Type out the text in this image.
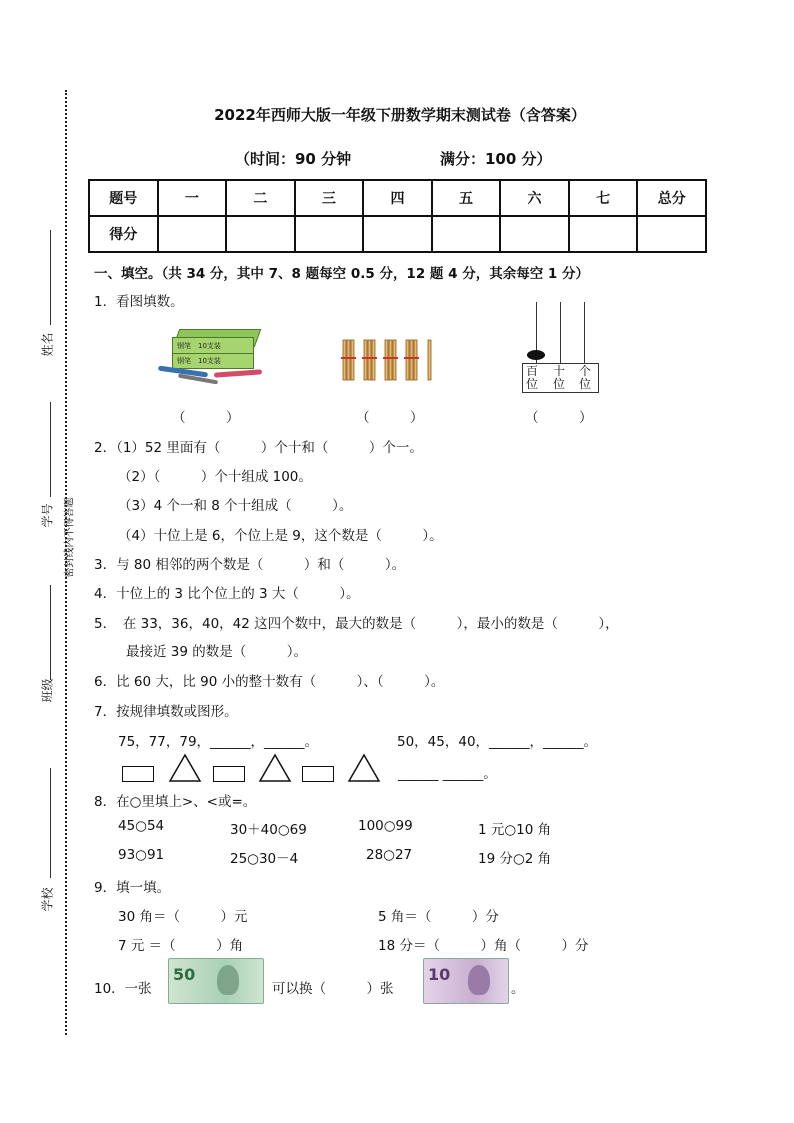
姓名
学号 密封线内不得答题
班级
学校
2022年西师大版一年级下册数学期末测试卷（含答案）
（时间：90 分钟	满分：100 分）
题号	一	二	三	四	五	六	七	总分
得分								
一、填空。（共 34 分，其中 7、8 题每空 0.5 分，12 题 4 分，其余每空 1 分）
1．看图填数。
钢笔　10支装
钢笔　10支装
百位
十位
个位
（　　　）	（　　　）	（　　　）
2．（1）52 里面有（　　　）个十和（　　　）个一。
（2）（　　　）个十组成 100。
（3）4 个一和 8 个十组成（　　　）。
（4）十位上是 6，个位上是 9，这个数是（　　　）。
3．与 80 相邻的两个数是（　　　）和（　　　）。
4．十位上的 3 比个位上的 3 大（　　　）。
5．　在 33，36，40，42 这四个数中，最大的数是（　　　），最小的数是（　　　），
最接近 39 的数是（　　　）。
6．比 60 大，比 90 小的整十数有（　　　）、（　　　）。
7．按规律填数或图形。
75，77，79，______，______。	50，45，40，______，______。
______ ______。
8．在○里填上>、<或=。
45○54	30＋40○69	100○99	1 元○10 角
93○91	25○30－4	28○27	19 分○2 角
9．填一填。
30 角＝（　　　）元	5 角＝（　　　）分
7 元 ＝（　　　）角	18 分＝（　　　）角（　　　）分
10．一张
50
可以换（　　　）张
10
。
